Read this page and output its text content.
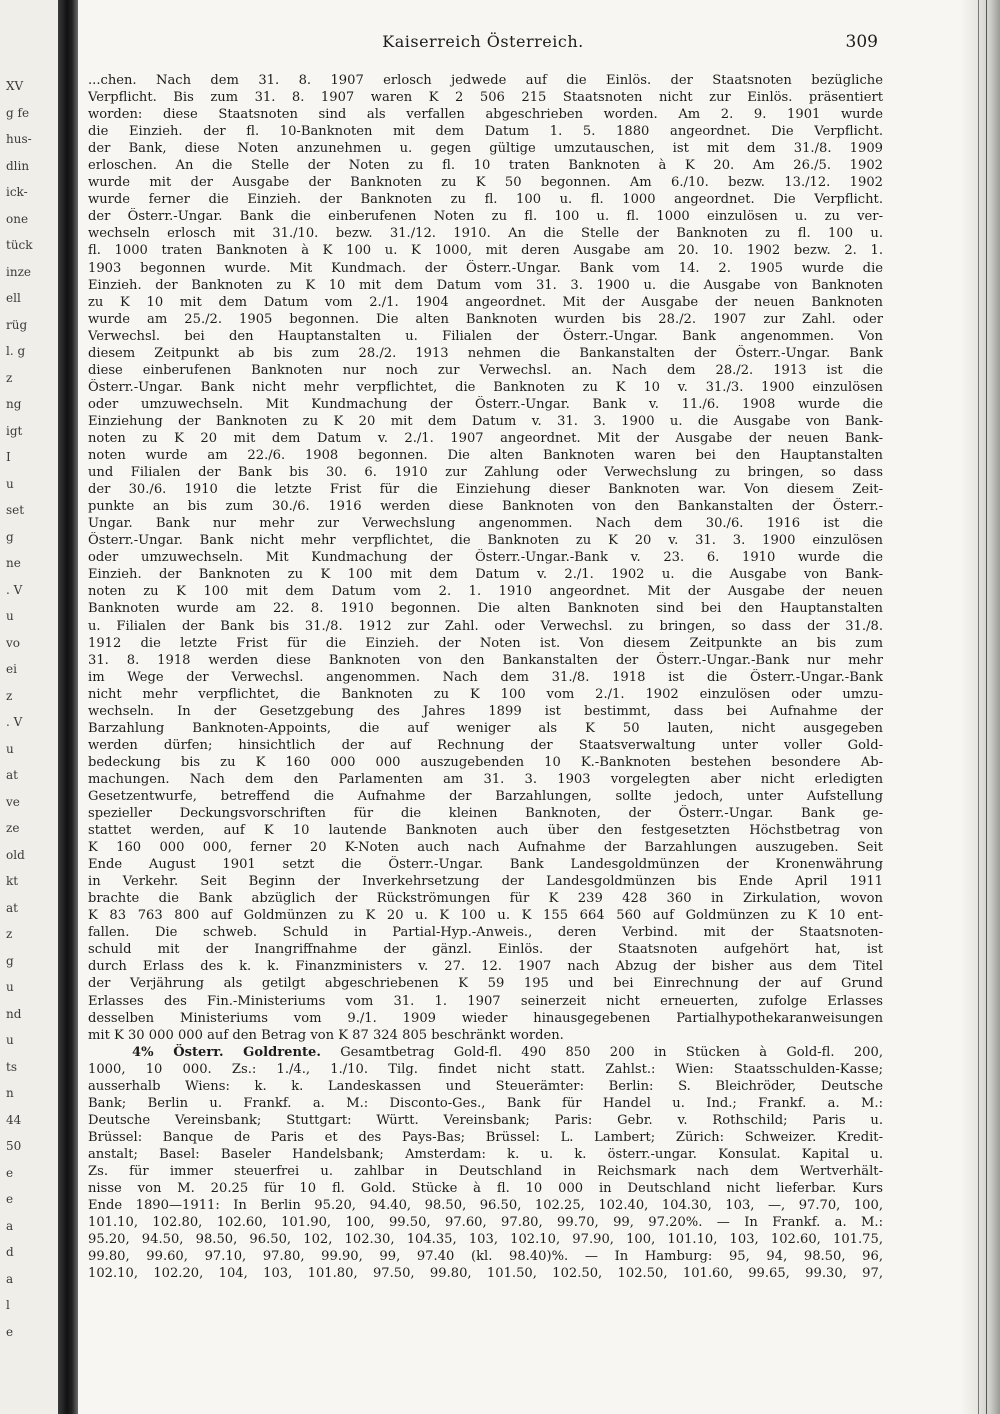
XV
g fe
hus-
dlin
ick-
one
tück
inze
ell
rüg
l. g
z
ng
igt
I
u
set
g
ne
. V
u
vo
ei
z
. V
u
at
ve
ze
old
kt
at
z
g
u
nd
u
ts
n
44
50
e
e
a
d
a
l
e
Kaiserreich Österreich.	309
...chen. Nach dem 31. 8. 1907 erlosch jedwede auf die Einlös. der Staatsnoten bezügliche
Verpflicht. Bis zum 31. 8. 1907 waren K 2 506 215 Staatsnoten nicht zur Einlös. präsentiert
worden: diese Staatsnoten sind als verfallen abgeschrieben worden. Am 2. 9. 1901 wurde
die Einzieh. der fl. 10-Banknoten mit dem Datum 1. 5. 1880 angeordnet. Die Verpflicht.
der Bank, diese Noten anzunehmen u. gegen gültige umzutauschen, ist mit dem 31./8. 1909
erloschen. An die Stelle der Noten zu fl. 10 traten Banknoten à K 20. Am 26./5. 1902
wurde mit der Ausgabe der Banknoten zu K 50 begonnen. Am 6./10. bezw. 13./12. 1902
wurde ferner die Einzieh. der Banknoten zu fl. 100 u. fl. 1000 angeordnet. Die Verpflicht.
der Österr.-Ungar. Bank die einberufenen Noten zu fl. 100 u. fl. 1000 einzulösen u. zu ver-
wechseln erlosch mit 31./10. bezw. 31./12. 1910. An die Stelle der Banknoten zu fl. 100 u.
fl. 1000 traten Banknoten à K 100 u. K 1000, mit deren Ausgabe am 20. 10. 1902 bezw. 2. 1.
1903 begonnen wurde. Mit Kundmach. der Österr.-Ungar. Bank vom 14. 2. 1905 wurde die
Einzieh. der Banknoten zu K 10 mit dem Datum vom 31. 3. 1900 u. die Ausgabe von Banknoten
zu K 10 mit dem Datum vom 2./1. 1904 angeordnet. Mit der Ausgabe der neuen Banknoten
wurde am 25./2. 1905 begonnen. Die alten Banknoten wurden bis 28./2. 1907 zur Zahl. oder
Verwechsl. bei den Hauptanstalten u. Filialen der Österr.-Ungar. Bank angenommen. Von
diesem Zeitpunkt ab bis zum 28./2. 1913 nehmen die Bankanstalten der Österr.-Ungar. Bank
diese einberufenen Banknoten nur noch zur Verwechsl. an. Nach dem 28./2. 1913 ist die
Österr.-Ungar. Bank nicht mehr verpflichtet, die Banknoten zu K 10 v. 31./3. 1900 einzulösen
oder umzuwechseln. Mit Kundmachung der Österr.-Ungar. Bank v. 11./6. 1908 wurde die
Einziehung der Banknoten zu K 20 mit dem Datum v. 31. 3. 1900 u. die Ausgabe von Bank-
noten zu K 20 mit dem Datum v. 2./1. 1907 angeordnet. Mit der Ausgabe der neuen Bank-
noten wurde am 22./6. 1908 begonnen. Die alten Banknoten waren bei den Hauptanstalten
und Filialen der Bank bis 30. 6. 1910 zur Zahlung oder Verwechslung zu bringen, so dass
der 30./6. 1910 die letzte Frist für die Einziehung dieser Banknoten war. Von diesem Zeit-
punkte an bis zum 30./6. 1916 werden diese Banknoten von den Bankanstalten der Österr.-
Ungar. Bank nur mehr zur Verwechslung angenommen. Nach dem 30./6. 1916 ist die
Österr.-Ungar. Bank nicht mehr verpflichtet, die Banknoten zu K 20 v. 31. 3. 1900 einzulösen
oder umzuwechseln. Mit Kundmachung der Österr.-Ungar.-Bank v. 23. 6. 1910 wurde die
Einzieh. der Banknoten zu K 100 mit dem Datum v. 2./1. 1902 u. die Ausgabe von Bank-
noten zu K 100 mit dem Datum vom 2. 1. 1910 angeordnet. Mit der Ausgabe der neuen
Banknoten wurde am 22. 8. 1910 begonnen. Die alten Banknoten sind bei den Hauptanstalten
u. Filialen der Bank bis 31./8. 1912 zur Zahl. oder Verwechsl. zu bringen, so dass der 31./8.
1912 die letzte Frist für die Einzieh. der Noten ist. Von diesem Zeitpunkte an bis zum
31. 8. 1918 werden diese Banknoten von den Bankanstalten der Österr.-Ungar.-Bank nur mehr
im Wege der Verwechsl. angenommen. Nach dem 31./8. 1918 ist die Österr.-Ungar.-Bank
nicht mehr verpflichtet, die Banknoten zu K 100 vom 2./1. 1902 einzulösen oder umzu-
wechseln. In der Gesetzgebung des Jahres 1899 ist bestimmt, dass bei Aufnahme der
Barzahlung Banknoten-Appoints, die auf weniger als K 50 lauten, nicht ausgegeben
werden dürfen; hinsichtlich der auf Rechnung der Staatsverwaltung unter voller Gold-
bedeckung bis zu K 160 000 000 auszugebenden 10 K.-Banknoten bestehen besondere Ab-
machungen. Nach dem den Parlamenten am 31. 3. 1903 vorgelegten aber nicht erledigten
Gesetzentwurfe, betreffend die Aufnahme der Barzahlungen, sollte jedoch, unter Aufstellung
spezieller Deckungsvorschriften für die kleinen Banknoten, der Österr.-Ungar. Bank ge-
stattet werden, auf K 10 lautende Banknoten auch über den festgesetzten Höchstbetrag von
K 160 000 000, ferner 20 K-Noten auch nach Aufnahme der Barzahlungen auszugeben. Seit
Ende August 1901 setzt die Österr.-Ungar. Bank Landesgoldmünzen der Kronenwährung
in Verkehr. Seit Beginn der Inverkehrsetzung der Landesgoldmünzen bis Ende April 1911
brachte die Bank abzüglich der Rückströmungen für K 239 428 360 in Zirkulation, wovon
K 83 763 800 auf Goldmünzen zu K 20 u. K 100 u. K 155 664 560 auf Goldmünzen zu K 10 ent-
fallen. Die schweb. Schuld in Partial-Hyp.-Anweis., deren Verbind. mit der Staatsnoten-
schuld mit der Inangriffnahme der gänzl. Einlös. der Staatsnoten aufgehört hat, ist
durch Erlass des k. k. Finanzministers v. 27. 12. 1907 nach Abzug der bisher aus dem Titel
der Verjährung als getilgt abgeschriebenen K 59 195 und bei Einrechnung der auf Grund
Erlasses des Fin.-Ministeriums vom 31. 1. 1907 seinerzeit nicht erneuerten, zufolge Erlasses
desselben Ministeriums vom 9./1. 1909 wieder hinausgegebenen Partialhypothekaranweisungen
mit K 30 000 000 auf den Betrag von K 87 324 805 beschränkt worden.
4% Österr. Goldrente. Gesamtbetrag Gold-fl. 490 850 200 in Stücken à Gold-fl. 200,
1000, 10 000. Zs.: 1./4., 1./10. Tilg. findet nicht statt. Zahlst.: Wien: Staatsschulden-Kasse;
ausserhalb Wiens: k. k. Landeskassen und Steuerämter: Berlin: S. Bleichröder, Deutsche
Bank; Berlin u. Frankf. a. M.: Disconto-Ges., Bank für Handel u. Ind.; Frankf. a. M.:
Deutsche Vereinsbank; Stuttgart: Württ. Vereinsbank; Paris: Gebr. v. Rothschild; Paris u.
Brüssel: Banque de Paris et des Pays-Bas; Brüssel: L. Lambert; Zürich: Schweizer. Kredit-
anstalt; Basel: Baseler Handelsbank; Amsterdam: k. u. k. österr.-ungar. Konsulat. Kapital u.
Zs. für immer steuerfrei u. zahlbar in Deutschland in Reichsmark nach dem Wertverhält-
nisse von M. 20.25 für 10 fl. Gold. Stücke à fl. 10 000 in Deutschland nicht lieferbar. Kurs
Ende 1890—1911: In Berlin 95.20, 94.40, 98.50, 96.50, 102.25, 102.40, 104.30, 103, —, 97.70, 100,
101.10, 102.80, 102.60, 101.90, 100, 99.50, 97.60, 97.80, 99.70, 99, 97.20%. — In Frankf. a. M.:
95.20, 94.50, 98.50, 96.50, 102, 102.30, 104.35, 103, 102.10, 97.90, 100, 101.10, 103, 102.60, 101.75,
99.80, 99.60, 97.10, 97.80, 99.90, 99, 97.40 (kl. 98.40)%. — In Hamburg: 95, 94, 98.50, 96,
102.10, 102.20, 104, 103, 101.80, 97.50, 99.80, 101.50, 102.50, 102.50, 101.60, 99.65, 99.30, 97,
